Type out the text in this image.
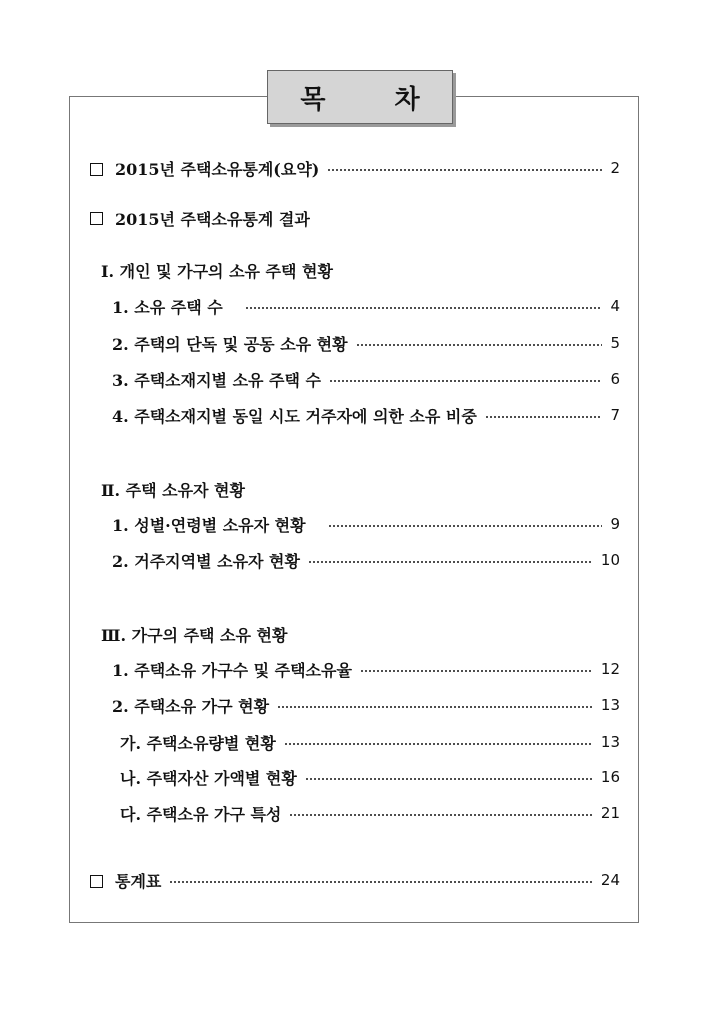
목 차
2015년 주택소유통계(요약)	2
2015년 주택소유통계 결과
Ⅰ. 개인 및 가구의 소유 주택 현황
1. 소유 주택 수	4
2. 주택의 단독 및 공동 소유 현황	5
3. 주택소재지별 소유 주택 수	6
4. 주택소재지별 동일 시도 거주자에 의한 소유 비중	7
Ⅱ. 주택 소유자 현황
1. 성별·연령별 소유자 현황	9
2. 거주지역별 소유자 현황	10
Ⅲ. 가구의 주택 소유 현황
1. 주택소유 가구수 및 주택소유율	12
2. 주택소유 가구 현황	13
가. 주택소유량별 현황	13
나. 주택자산 가액별 현황	16
다. 주택소유 가구 특성	21
통계표	24
